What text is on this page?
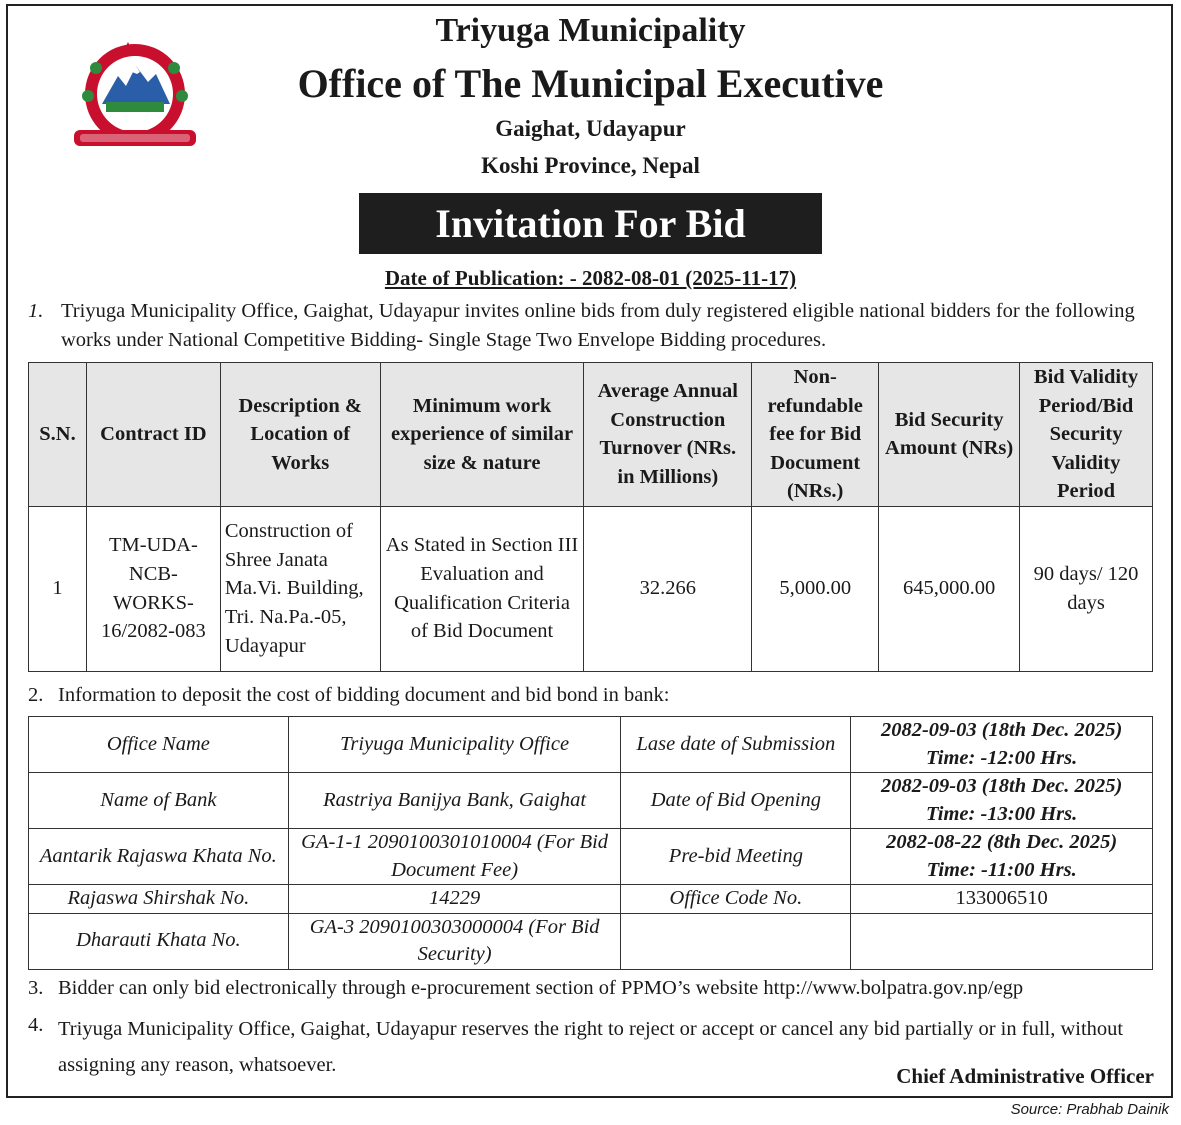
Triyuga Municipality
Office of The Municipal Executive
Gaighat, Udayapur
Koshi Province, Nepal
Invitation For Bid
Date of Publication: - 2082-08-01 (2025-11-17)
1. Triyuga Municipality Office, Gaighat, Udayapur invites online bids from duly registered eligible national bidders for the following works under National Competitive Bidding- Single Stage Two Envelope Bidding procedures.
S.N.	Contract ID	Description & Location of Works	Minimum work experience of similar size & nature	Average Annual Construction Turnover (NRs. in Millions)	Non-refundable fee for Bid Document (NRs.)	Bid Security Amount (NRs)	Bid Validity Period/Bid Security Validity Period
1	TM-UDA-NCB-WORKS-16/2082-083	Construction of Shree Janata Ma.Vi. Building, Tri. Na.Pa.-05, Udayapur	As Stated in Section III Evaluation and Qualification Criteria of Bid Document	32.266	5,000.00	645,000.00	90 days/ 120 days
2. Information to deposit the cost of bidding document and bid bond in bank:
Office Name	Triyuga Municipality Office	Lase date of Submission	2082-09-03 (18th Dec. 2025)
Time: -12:00 Hrs.

Name of Bank	Rastriya Banijya Bank, Gaighat	Date of Bid Opening	2082-09-03 (18th Dec. 2025)
Time: -13:00 Hrs.

Aantarik Rajaswa Khata No.	GA-1-1 2090100301010004 (For Bid Document Fee)	Pre-bid Meeting	2082-08-22 (8th Dec. 2025)
Time: -11:00 Hrs.

Rajaswa Shirshak No.	14229	Office Code No.	133006510
Dharauti Khata No.	GA-3 2090100303000004 (For Bid Security)		
3. Bidder can only bid electronically through e-procurement section of PPMO’s website http://www.bolpatra.gov.np/egp
4. Triyuga Municipality Office, Gaighat, Udayapur reserves the right to reject or accept or cancel any bid partially or in full, without assigning any reason, whatsoever.	Chief Administrative Officer
Source: Prabhab Dainik
